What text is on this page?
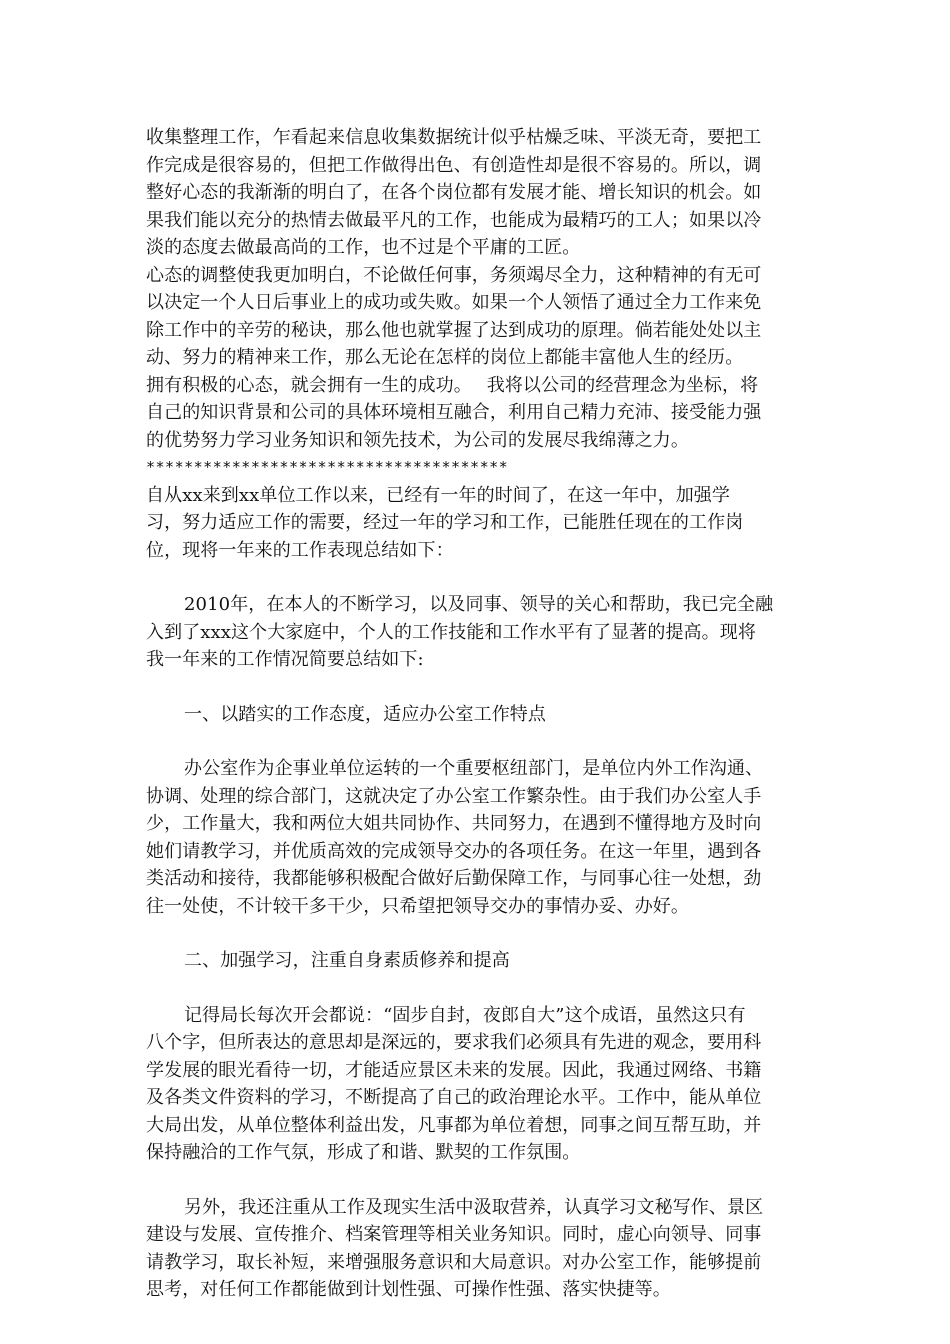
收集整理工作，乍看起来信息收集数据统计似乎枯燥乏味、平淡无奇，要把工
作完成是很容易的，但把工作做得出色、有创造性却是很不容易的。所以，调
整好心态的我渐渐的明白了，在各个岗位都有发展才能、增长知识的机会。如
果我们能以充分的热情去做最平凡的工作，也能成为最精巧的工人；如果以冷
淡的态度去做最高尚的工作，也不过是个平庸的工匠。
心态的调整使我更加明白，不论做任何事，务须竭尽全力，这种精神的有无可
以决定一个人日后事业上的成功或失败。如果一个人领悟了通过全力工作来免
除工作中的辛劳的秘诀，那么他也就掌握了达到成功的原理。倘若能处处以主
动、努力的精神来工作，那么无论在怎样的岗位上都能丰富他人生的经历。
拥有积极的心态，就会拥有一生的成功。　 我将以公司的经营理念为坐标，将
自己的知识背景和公司的具体环境相互融合，利用自己精力充沛、接受能力强
的优势努力学习业务知识和领先技术，为公司的发展尽我绵薄之力。
**************************************
自从xx来到xx单位工作以来，已经有一年的时间了，在这一年中，加强学
习，努力适应工作的需要，经过一年的学习和工作，已能胜任现在的工作岗
位，现将一年来的工作表现总结如下：
2010年，在本人的不断学习，以及同事、领导的关心和帮助，我已完全融
入到了xxx这个大家庭中，个人的工作技能和工作水平有了显著的提高。现将
我一年来的工作情况简要总结如下:
一、以踏实的工作态度，适应办公室工作特点
办公室作为企事业单位运转的一个重要枢纽部门，是单位内外工作沟通、
协调、处理的综合部门，这就决定了办公室工作繁杂性。由于我们办公室人手
少，工作量大，我和两位大姐共同协作、共同努力，在遇到不懂得地方及时向
她们请教学习，并优质高效的完成领导交办的各项任务。在这一年里，遇到各
类活动和接待，我都能够积极配合做好后勤保障工作，与同事心往一处想，劲
往一处使，不计较干多干少，只希望把领导交办的事情办妥、办好。
二、加强学习，注重自身素质修养和提高
记得局长每次开会都说：“固步自封，夜郎自大”这个成语，虽然这只有
八个字，但所表达的意思却是深远的，要求我们必须具有先进的观念，要用科
学发展的眼光看待一切，才能适应景区未来的发展。因此，我通过网络、书籍
及各类文件资料的学习，不断提高了自己的政治理论水平。工作中，能从单位
大局出发，从单位整体利益出发，凡事都为单位着想，同事之间互帮互助，并
保持融洽的工作气氛，形成了和谐、默契的工作氛围。
另外，我还注重从工作及现实生活中汲取营养，认真学习文秘写作、景区
建设与发展、宣传推介、档案管理等相关业务知识。同时，虚心向领导、同事
请教学习，取长补短，来增强服务意识和大局意识。对办公室工作，能够提前
思考，对任何工作都能做到计划性强、可操作性强、落实快捷等。
